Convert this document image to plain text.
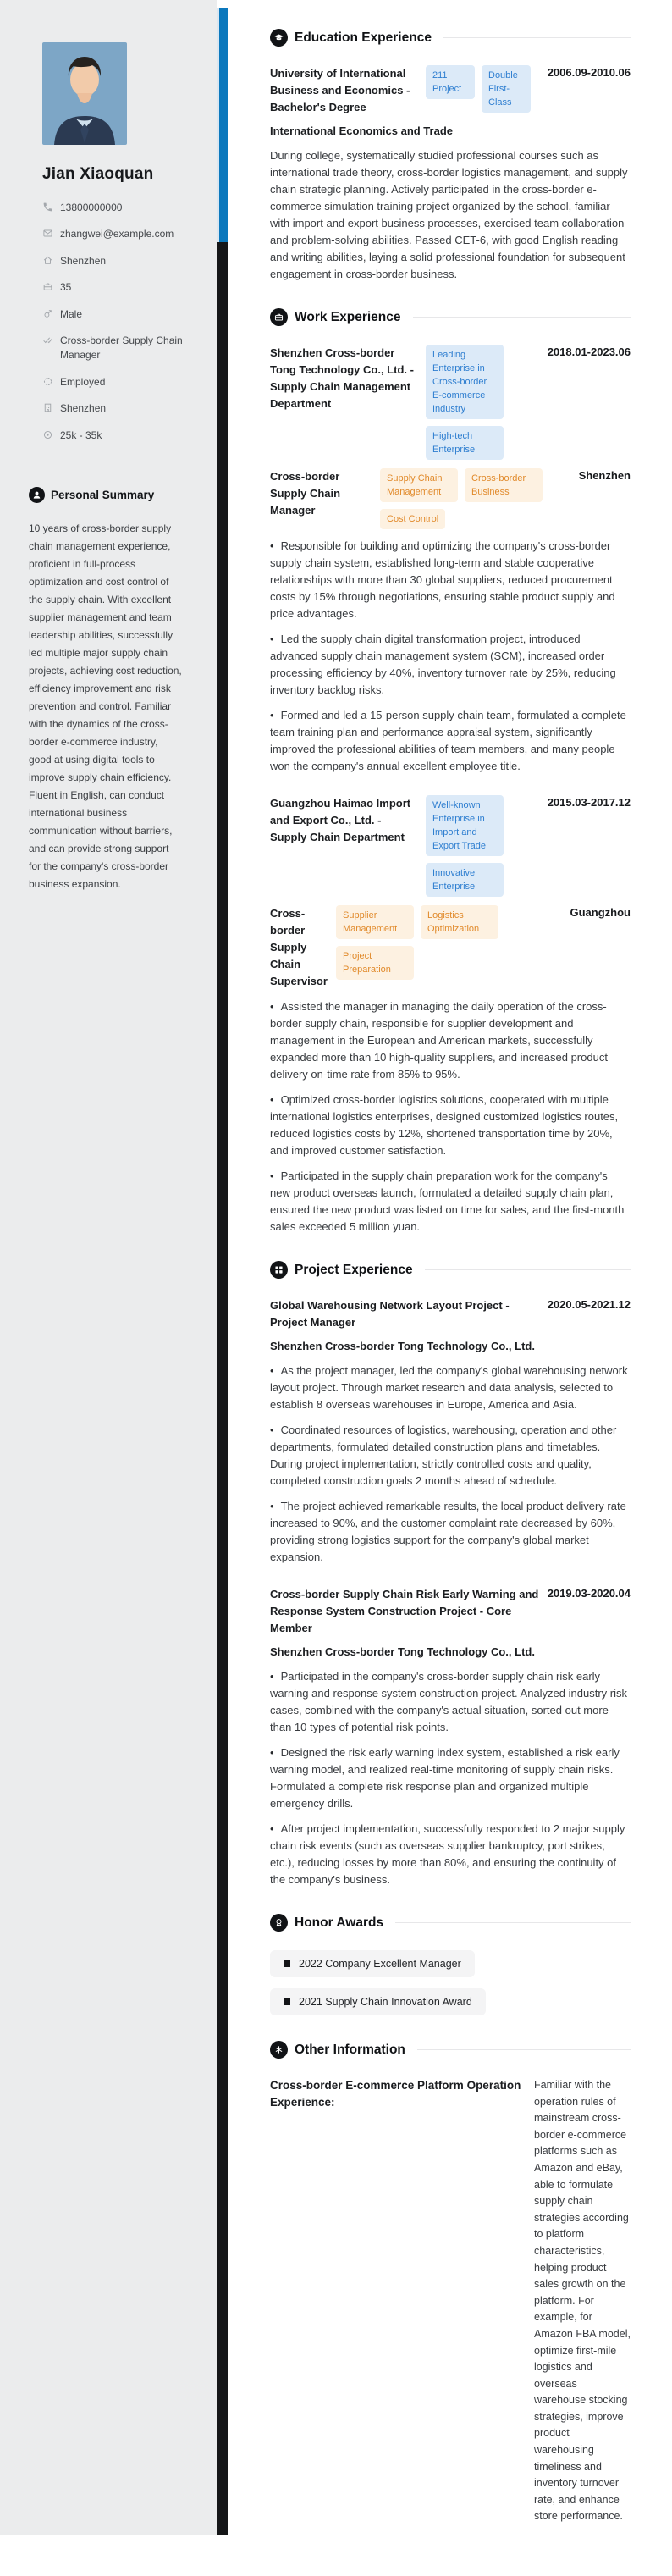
Jian Xiaoquan
13800000000
zhangwei@example.com
Shenzhen
35
Male
Cross-border Supply Chain Manager
Employed
Shenzhen
25k - 35k
Personal Summary

10 years of cross-border supply chain management experience, proficient in full-process optimization and cost control of the supply chain. With excellent supplier management and team leadership abilities, successfully led multiple major supply chain projects, achieving cost reduction, efficiency improvement and risk prevention and control. Familiar with the dynamics of the cross-border e-commerce industry, good at using digital tools to improve supply chain efficiency. Fluent in English, can conduct international business communication without barriers, and can provide strong support for the company's cross-border business expansion.

Education Experience
University of International Business and Economics - Bachelor's Degree
211 Project
Double First-Class
2006.09-2010.06
International Economics and Trade

During college, systematically studied professional courses such as international trade theory, cross-border logistics management, and supply chain strategic planning. Actively participated in the cross-border e-commerce simulation training project organized by the school, familiar with import and export business processes, exercised team collaboration and problem-solving abilities. Passed CET-6, with good English reading and writing abilities, laying a solid professional foundation for subsequent engagement in cross-border business.

Work Experience
Shenzhen Cross-border Tong Technology Co., Ltd. - Supply Chain Management Department
Leading Enterprise in Cross-border E-commerce Industry
High-tech Enterprise
2018.01-2023.06
Cross-border Supply Chain Manager
Supply Chain Management
Cross-border Business
Cost Control
Shenzhen

• Responsible for building and optimizing the company's cross-border supply chain system, established long-term and stable cooperative relationships with more than 30 global suppliers, reduced procurement costs by 15% through negotiations, ensuring stable product supply and price advantages.

• Led the supply chain digital transformation project, introduced advanced supply chain management system (SCM), increased order processing efficiency by 40%, inventory turnover rate by 25%, reducing inventory backlog risks.

• Formed and led a 15-person supply chain team, formulated a complete team training plan and performance appraisal system, significantly improved the professional abilities of team members, and many people won the company's annual excellent employee title.

Guangzhou Haimao Import and Export Co., Ltd. - Supply Chain Department
Well-known Enterprise in Import and Export Trade
Innovative Enterprise
2015.03-2017.12
Cross-border Supply Chain Supervisor
Supplier Management
Logistics Optimization
Project Preparation
Guangzhou

• Assisted the manager in managing the daily operation of the cross-border supply chain, responsible for supplier development and management in the European and American markets, successfully expanded more than 10 high-quality suppliers, and increased product delivery on-time rate from 85% to 95%.

• Optimized cross-border logistics solutions, cooperated with multiple international logistics enterprises, designed customized logistics routes, reduced logistics costs by 12%, shortened transportation time by 20%, and improved customer satisfaction.

• Participated in the supply chain preparation work for the company's new product overseas launch, formulated a detailed supply chain plan, ensured the new product was listed on time for sales, and the first-month sales exceeded 5 million yuan.

Project Experience
Global Warehousing Network Layout Project - Project Manager
2020.05-2021.12
Shenzhen Cross-border Tong Technology Co., Ltd.

• As the project manager, led the company's global warehousing network layout project. Through market research and data analysis, selected to establish 8 overseas warehouses in Europe, America and Asia.

• Coordinated resources of logistics, warehousing, operation and other departments, formulated detailed construction plans and timetables. During project implementation, strictly controlled costs and quality, completed construction goals 2 months ahead of schedule.

• The project achieved remarkable results, the local product delivery rate increased to 90%, and the customer complaint rate decreased by 60%, providing strong logistics support for the company's global market expansion.

Cross-border Supply Chain Risk Early Warning and Response System Construction Project - Core Member
2019.03-2020.04
Shenzhen Cross-border Tong Technology Co., Ltd.

• Participated in the company's cross-border supply chain risk early warning and response system construction project. Analyzed industry risk cases, combined with the company's actual situation, sorted out more than 10 types of potential risk points.

• Designed the risk early warning index system, established a risk early warning model, and realized real-time monitoring of supply chain risks. Formulated a complete risk response plan and organized multiple emergency drills.

• After project implementation, successfully responded to 2 major supply chain risk events (such as overseas supplier bankruptcy, port strikes, etc.), reducing losses by more than 80%, and ensuring the continuity of the company's business.

Honor Awards
2022 Company Excellent Manager
2021 Supply Chain Innovation Award
Other Information
Cross-border E-commerce Platform Operation Experience:
Familiar with the operation rules of mainstream cross-border e-commerce platforms such as Amazon and eBay, able to formulate supply chain strategies according to platform characteristics, helping product sales growth on the platform. For example, for Amazon FBA model, optimize first-mile logistics and overseas warehouse stocking strategies, improve product warehousing timeliness and inventory turnover rate, and enhance store performance.
